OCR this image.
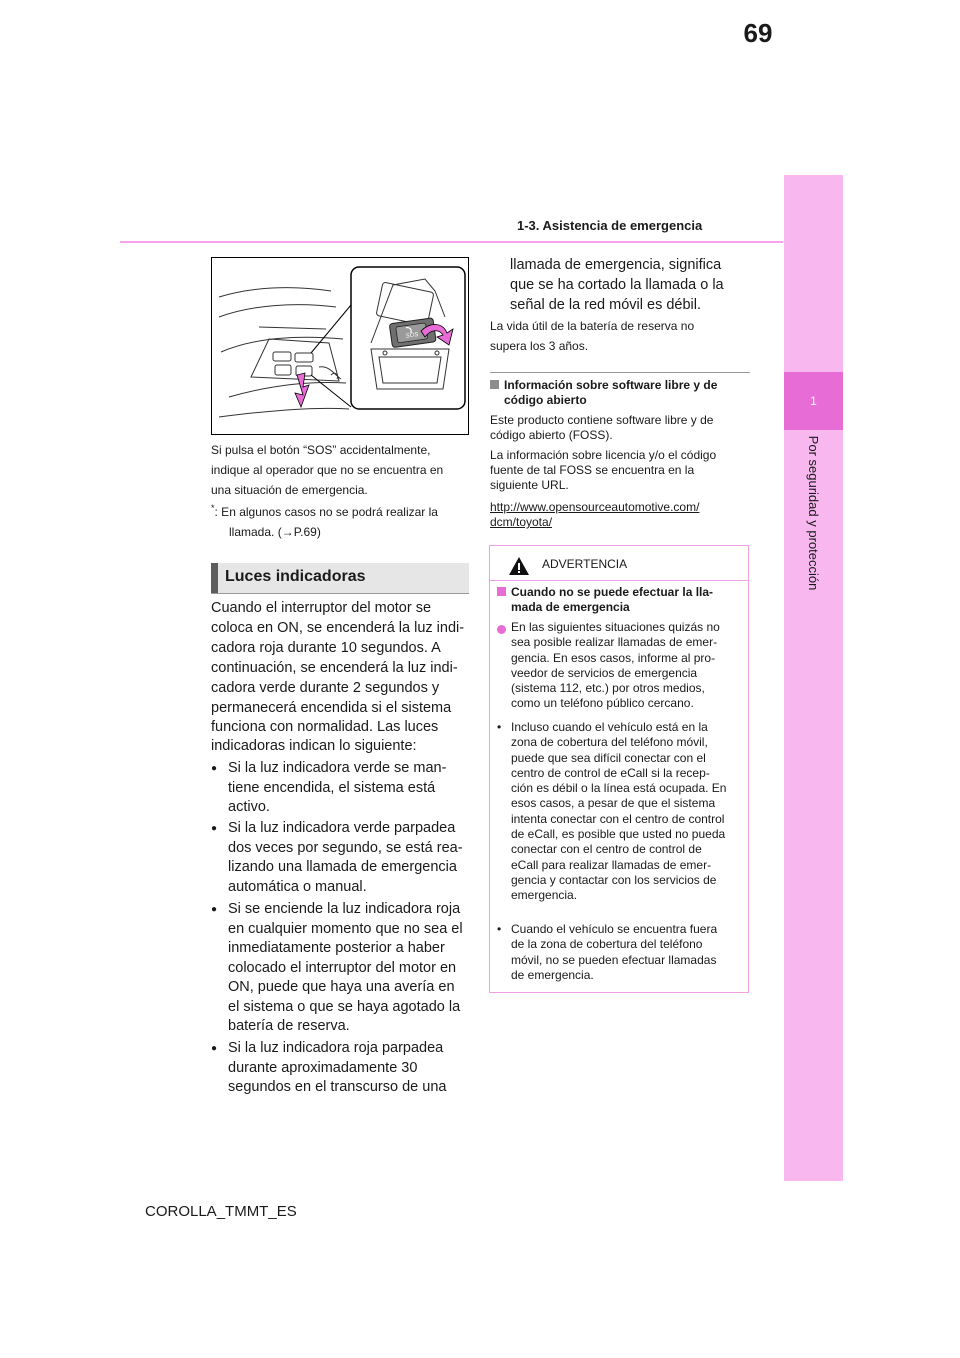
69
1-3. Asistencia de emergencia
1
Por seguridad y protección
SOS
Si pulsa el botón “SOS” accidentalmente,
indique al operador que no se encuentra en
una situación de emergencia.
*: En algunos casos no se podrá realizar la
llamada. (→P.69)
Luces indicadoras
Cuando el interruptor del motor se
coloca en ON, se encenderá la luz indi-
cadora roja durante 10 segundos. A
continuación, se encenderá la luz indi-
cadora verde durante 2 segundos y
permanecerá encendida si el sistema
funciona con normalidad. Las luces
indicadoras indican lo siguiente:
● Si la luz indicadora verde se man-
tiene encendida, el sistema está
activo.
● Si la luz indicadora verde parpadea
dos veces por segundo, se está rea-
lizando una llamada de emergencia
automática o manual.
● Si se enciende la luz indicadora roja
en cualquier momento que no sea el
inmediatamente posterior a haber
colocado el interruptor del motor en
ON, puede que haya una avería en
el sistema o que se haya agotado la
batería de reserva.
● Si la luz indicadora roja parpadea
durante aproximadamente 30
segundos en el transcurso de una
llamada de emergencia, significa
que se ha cortado la llamada o la
señal de la red móvil es débil.
La vida útil de la batería de reserva no
supera los 3 años.
Información sobre software libre y de
código abierto
Este producto contiene software libre y de
código abierto (FOSS).
La información sobre licencia y/o el código
fuente de tal FOSS se encuentra en la
siguiente URL.
http://www.opensourceautomotive.com/
dcm/toyota/
ADVERTENCIA
Cuando no se puede efectuar la lla-
mada de emergencia
En las siguientes situaciones quizás no
sea posible realizar llamadas de emer-
gencia. En esos casos, informe al pro-
veedor de servicios de emergencia
(sistema 112, etc.) por otros medios,
como un teléfono público cercano.
• Incluso cuando el vehículo está en la
zona de cobertura del teléfono móvil,
puede que sea difícil conectar con el
centro de control de eCall si la recep-
ción es débil o la línea está ocupada. En
esos casos, a pesar de que el sistema
intenta conectar con el centro de control
de eCall, es posible que usted no pueda
conectar con el centro de control de
eCall para realizar llamadas de emer-
gencia y contactar con los servicios de
emergencia.
• Cuando el vehículo se encuentra fuera
de la zona de cobertura del teléfono
móvil, no se pueden efectuar llamadas
de emergencia.
COROLLA_TMMT_ES
